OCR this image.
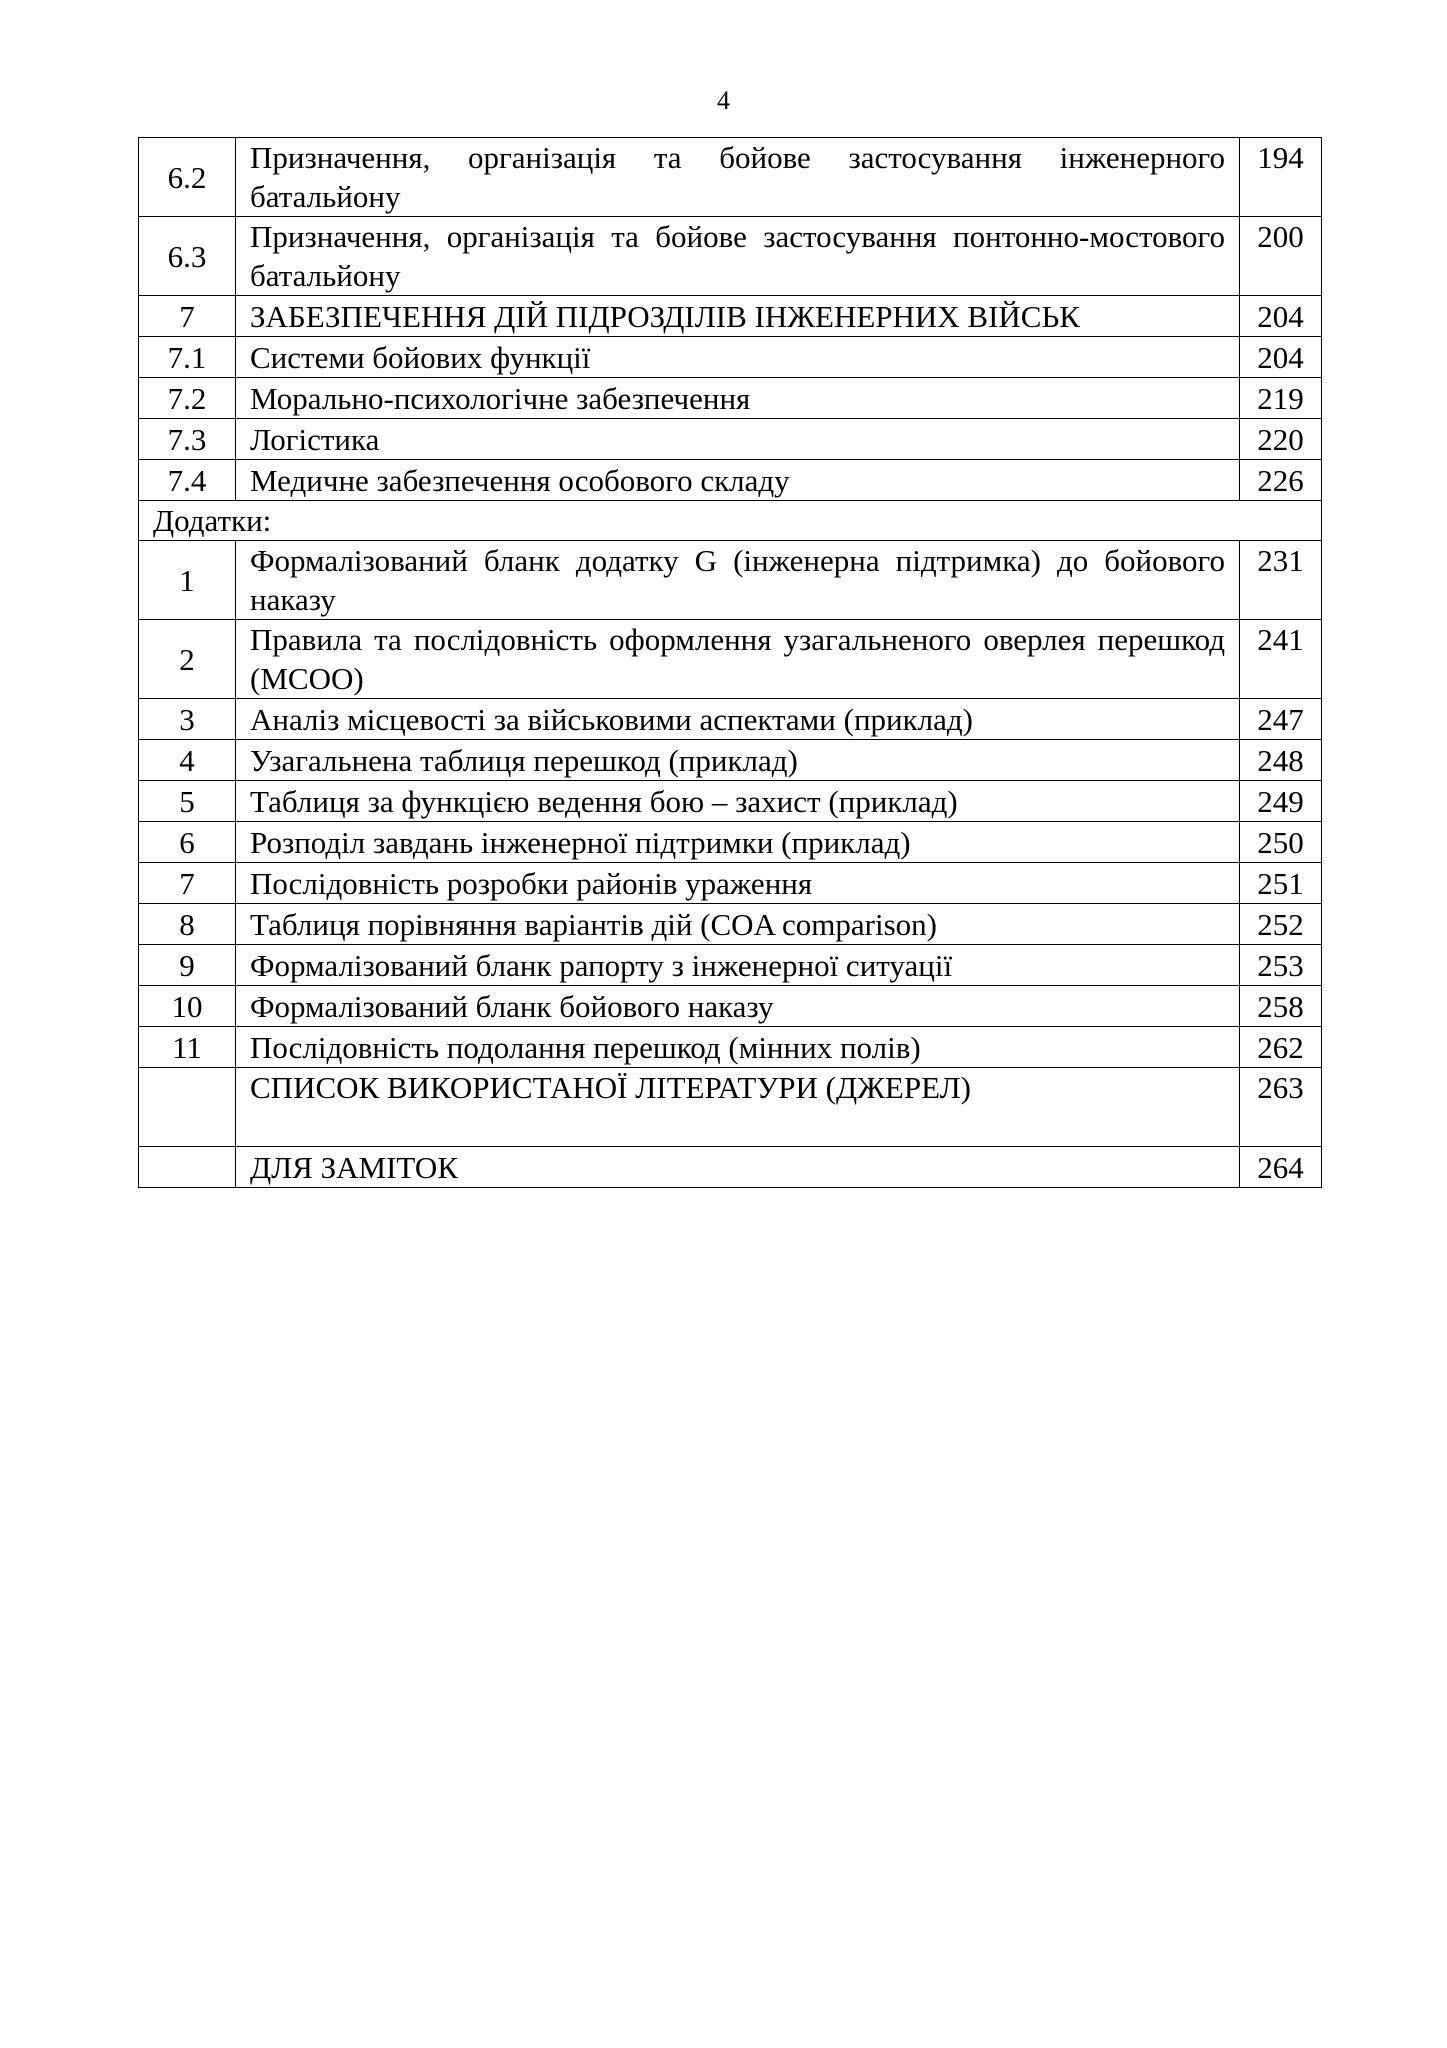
4
6.2	Призначення, організація та бойове застосування інженерного батальйону	194
6.3	Призначення, організація та бойове застосування понтонно-мостового батальйону	200
7	ЗАБЕЗПЕЧЕННЯ ДІЙ ПІДРОЗДІЛІВ ІНЖЕНЕРНИХ ВІЙСЬК	204
7.1	Системи бойових функції	204
7.2	Морально-психологічне забезпечення	219
7.3	Логістика	220
7.4	Медичне забезпечення особового складу	226
Додатки:		
1	Формалізований бланк додатку G (інженерна підтримка) до бойового наказу	231
2	Правила та послідовність оформлення узагальненого оверлея перешкод (MCOO)	241
3	Аналіз місцевості за військовими аспектами (приклад)	247
4	Узагальнена таблиця перешкод (приклад)	248
5	Таблиця за функцією ведення бою – захист (приклад)	249
6	Розподіл завдань інженерної підтримки (приклад)	250
7	Послідовність розробки районів ураження	251
8	Таблиця порівняння варіантів дій (COA comparison)	252
9	Формалізований бланк рапорту з інженерної ситуації	253
10	Формалізований бланк бойового наказу	258
11	Послідовність подолання перешкод (мінних полів)	262
	СПИСОК ВИКОРИСТАНОЇ ЛІТЕРАТУРИ (ДЖЕРЕЛ)	263
	ДЛЯ ЗАМІТОК	264
